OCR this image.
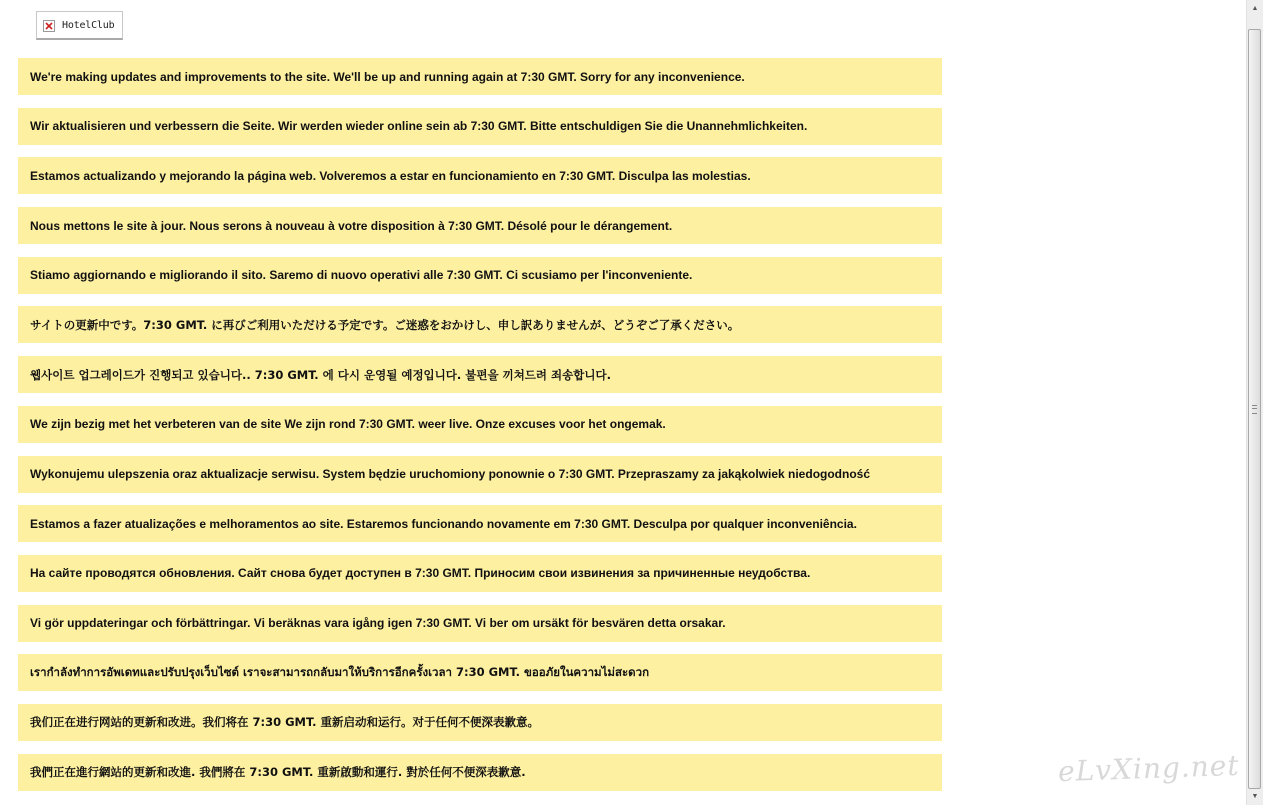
HotelClub
We're making updates and improvements to the site. We'll be up and running again at 7:30 GMT. Sorry for any inconvenience.
Wir aktualisieren und verbessern die Seite. Wir werden wieder online sein ab 7:30 GMT. Bitte entschuldigen Sie die Unannehmlichkeiten.
Estamos actualizando y mejorando la página web. Volveremos a estar en funcionamiento en 7:30 GMT. Disculpa las molestias.
Nous mettons le site à jour. Nous serons à nouveau à votre disposition à 7:30 GMT. Désolé pour le dérangement.
Stiamo aggiornando e migliorando il sito. Saremo di nuovo operativi alle 7:30 GMT. Ci scusiamo per l'inconveniente.
サイトの更新中です。7:30 GMT. に再びご利用いただける予定です。ご迷惑をおかけし、申し訳ありませんが、どうぞご了承ください。
웹사이트 업그레이드가 진행되고 있습니다.. 7:30 GMT. 에 다시 운영될 예정입니다. 불편을 끼쳐드려 죄송합니다.
We zijn bezig met het verbeteren van de site We zijn rond 7:30 GMT. weer live. Onze excuses voor het ongemak.
Wykonujemu ulepszenia oraz aktualizacje serwisu. System będzie uruchomiony ponownie o 7:30 GMT. Przepraszamy za jakąkolwiek niedogodność
Estamos a fazer atualizações e melhoramentos ao site. Estaremos funcionando novamente em 7:30 GMT. Desculpa por qualquer inconveniência.
На сайте проводятся обновления. Сайт снова будет доступен в 7:30 GMT. Приносим свои извинения за причиненные неудобства.
Vi gör uppdateringar och förbättringar. Vi beräknas vara igång igen 7:30 GMT. Vi ber om ursäkt för besvären detta orsakar.
เรากำลังทำการอัพเดทและปรับปรุงเว็บไซต์ เราจะสามารถกลับมาให้บริการอีกครั้งเวลา 7:30 GMT. ขออภัยในความไม่สะดวก
我们正在进行网站的更新和改进。我们将在 7:30 GMT. 重新启动和运行。对于任何不便深表歉意。
我們正在進行網站的更新和改進. 我們將在 7:30 GMT. 重新啟動和運行. 對於任何不便深表歉意.	eLvXing.net
▲
▼
